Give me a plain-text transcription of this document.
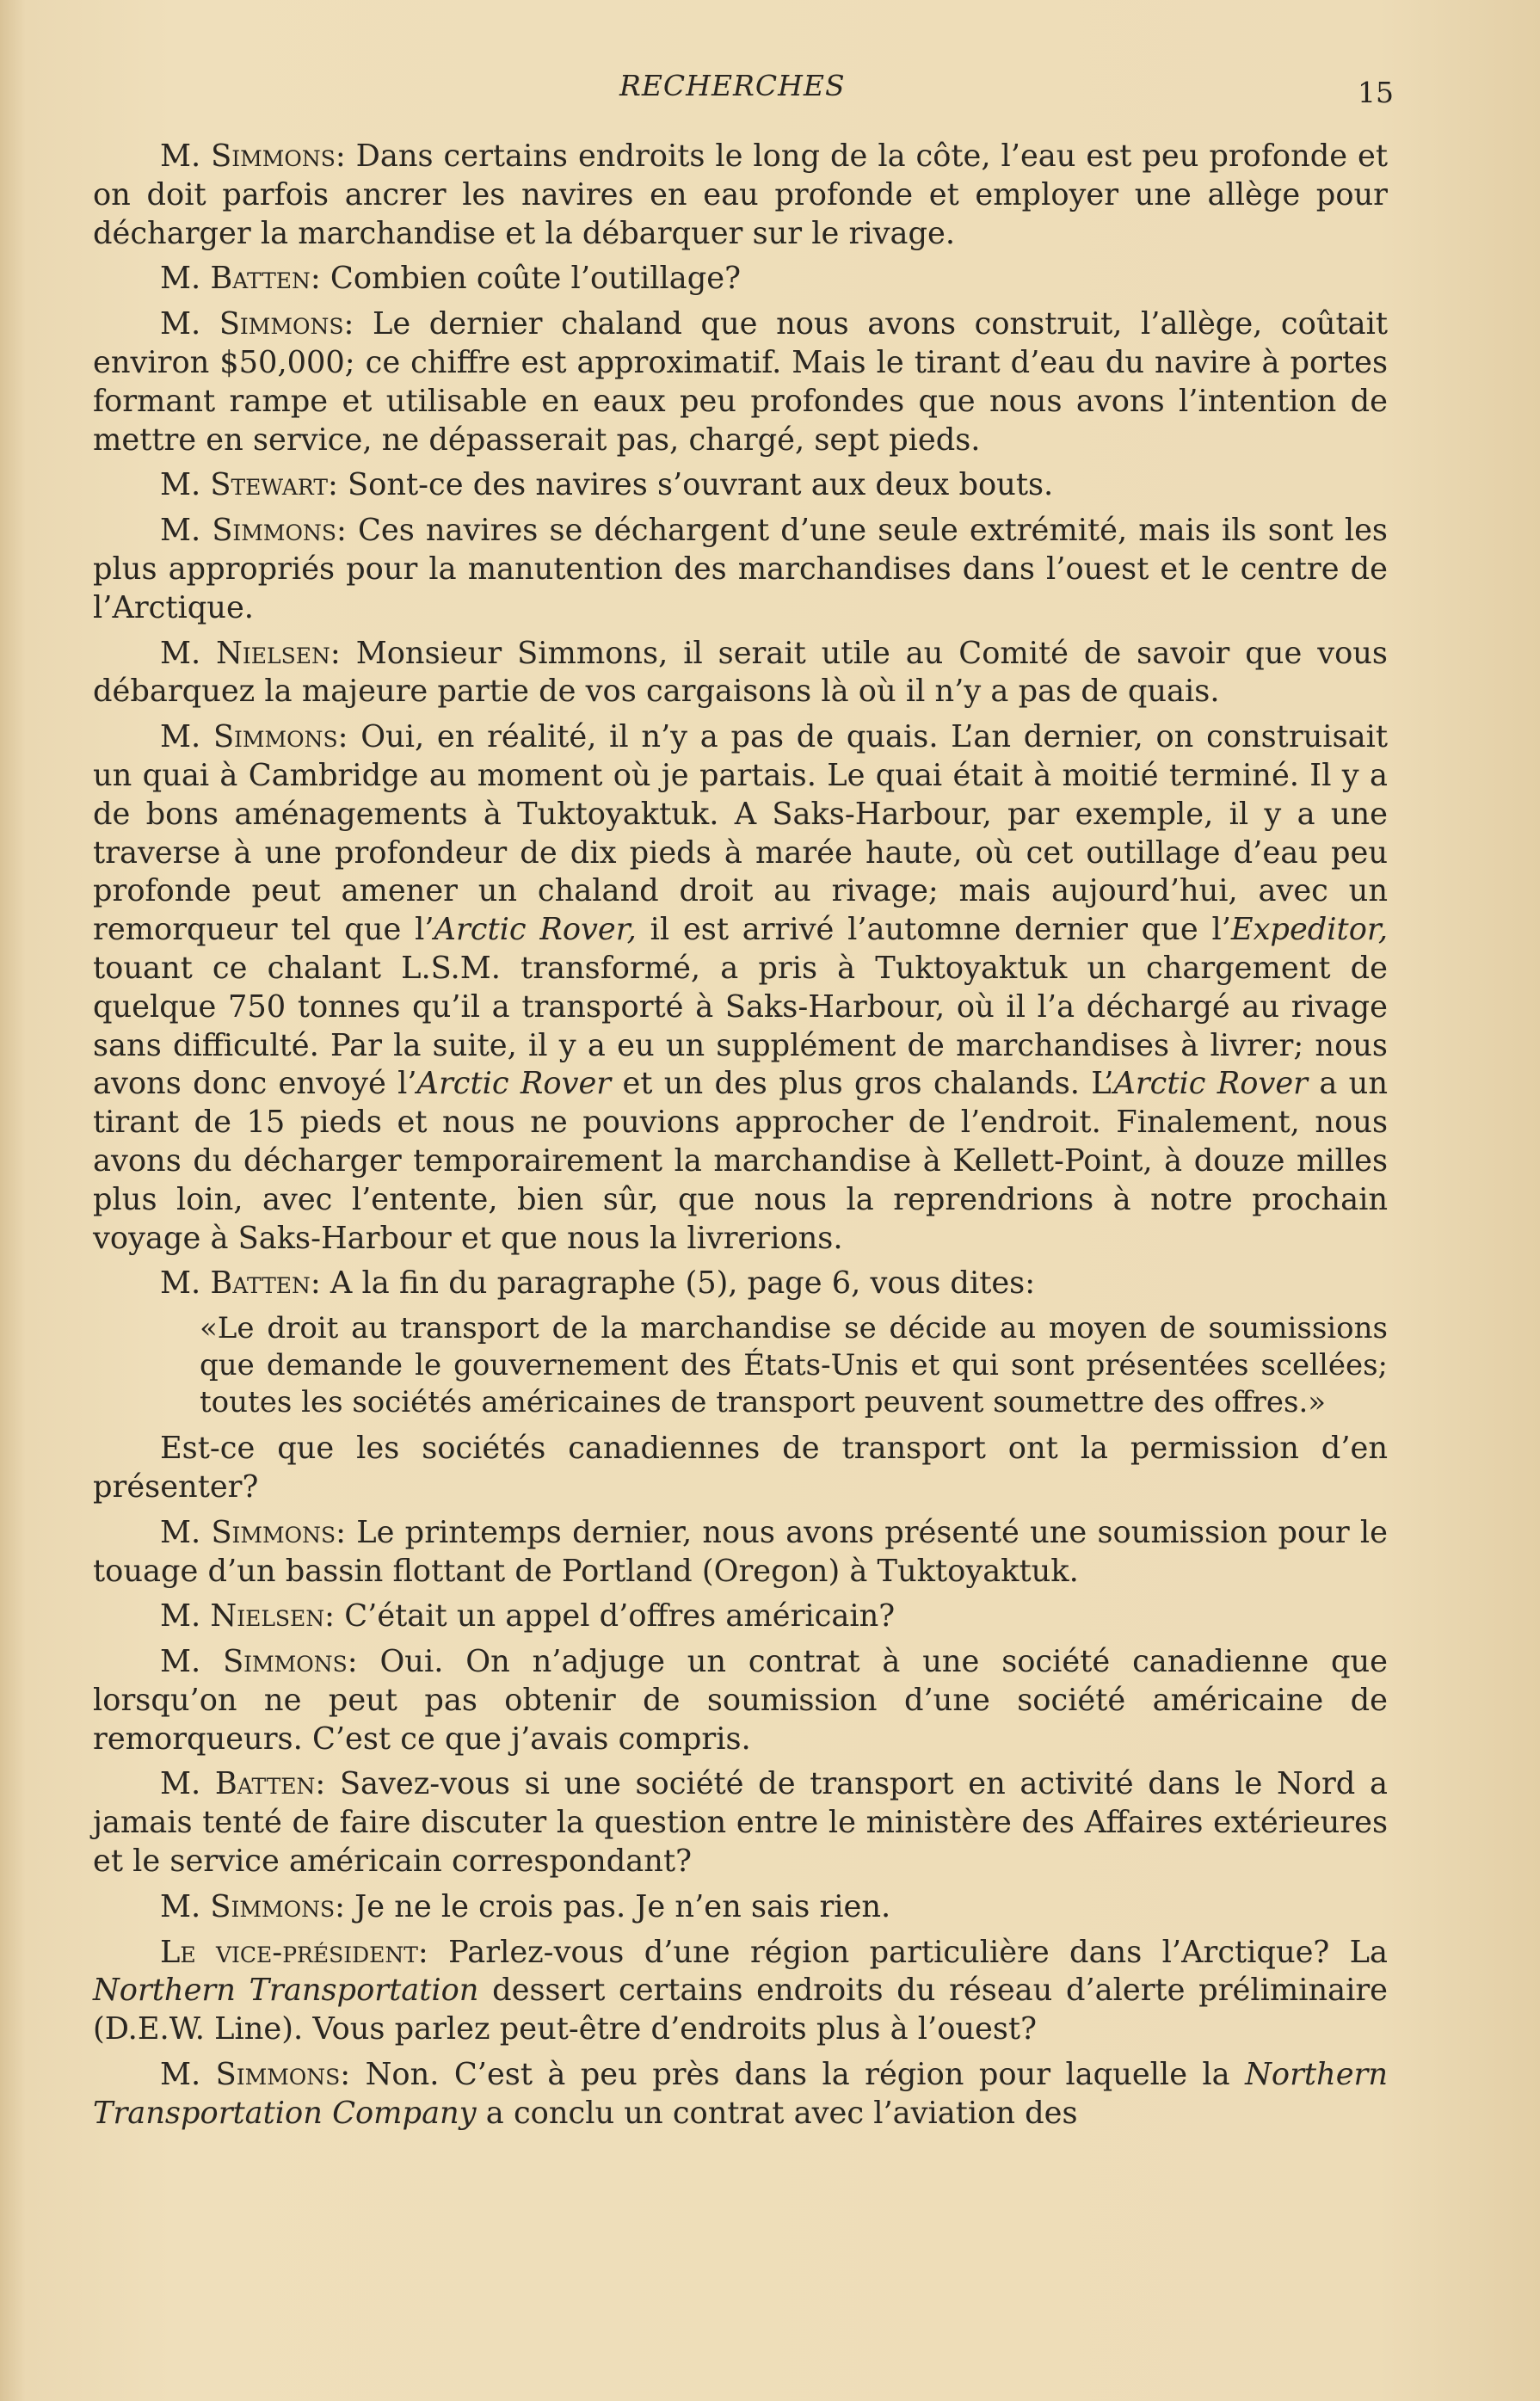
RECHERCHES	15

M. Simmons: Dans certains endroits le long de la côte, l’eau est peu profonde et on doit parfois ancrer les navires en eau profonde et employer une allège pour décharger la marchandise et la débarquer sur le rivage.

M. Batten: Combien coûte l’outillage?

M. Simmons: Le dernier chaland que nous avons construit, l’allège, coûtait environ $50,000; ce chiffre est approximatif. Mais le tirant d’eau du navire à portes formant rampe et utilisable en eaux peu profondes que nous avons l’intention de mettre en service, ne dépasserait pas, chargé, sept pieds.

M. Stewart: Sont-ce des navires s’ouvrant aux deux bouts.

M. Simmons: Ces navires se déchargent d’une seule extrémité, mais ils sont les plus appropriés pour la manutention des marchandises dans l’ouest et le centre de l’Arctique.

M. Nielsen: Monsieur Simmons, il serait utile au Comité de savoir que vous débarquez la majeure partie de vos cargaisons là où il n’y a pas de quais.

M. Simmons: Oui, en réalité, il n’y a pas de quais. L’an dernier, on construisait un quai à Cambridge au moment où je partais. Le quai était à moitié terminé. Il y a de bons aménagements à Tuktoyaktuk. A Saks-Harbour, par exemple, il y a une traverse à une profondeur de dix pieds à marée haute, où cet outillage d’eau peu profonde peut amener un chaland droit au rivage; mais aujourd’hui, avec un remorqueur tel que l’Arctic Rover, il est arrivé l’automne dernier que l’Expeditor, touant ce chalant L.S.M. transformé, a pris à Tuktoyaktuk un chargement de quelque 750 tonnes qu’il a transporté à Saks-Harbour, où il l’a déchargé au rivage sans difficulté. Par la suite, il y a eu un supplément de marchandises à livrer; nous avons donc envoyé l’Arctic Rover et un des plus gros chalands. L’Arctic Rover a un tirant de 15 pieds et nous ne pouvions approcher de l’endroit. Finalement, nous avons du décharger temporairement la marchandise à Kellett-Point, à douze milles plus loin, avec l’entente, bien sûr, que nous la reprendrions à notre prochain voyage à Saks-Harbour et que nous la livrerions.

M. Batten: A la fin du paragraphe (5), page 6, vous dites:

«Le droit au transport de la marchandise se décide au moyen de soumissions que demande le gouvernement des États-Unis et qui sont présentées scellées; toutes les sociétés américaines de transport peuvent soumettre des offres.»

Est-ce que les sociétés canadiennes de transport ont la permission d’en présenter?

M. Simmons: Le printemps dernier, nous avons présenté une soumission pour le touage d’un bassin flottant de Portland (Oregon) à Tuktoyaktuk.

M. Nielsen: C’était un appel d’offres américain?

M. Simmons: Oui. On n’adjuge un contrat à une société canadienne que lorsqu’on ne peut pas obtenir de soumission d’une société américaine de remorqueurs. C’est ce que j’avais compris.

M. Batten: Savez-vous si une société de transport en activité dans le Nord a jamais tenté de faire discuter la question entre le ministère des Affaires extérieures et le service américain correspondant?

M. Simmons: Je ne le crois pas. Je n’en sais rien.

Le vice-président: Parlez-vous d’une région particulière dans l’Arctique? La Northern Transportation dessert certains endroits du réseau d’alerte préliminaire (D.E.W. Line). Vous parlez peut-être d’endroits plus à l’ouest?

M. Simmons: Non. C’est à peu près dans la région pour laquelle la Northern Transportation Company a conclu un contrat avec l’aviation des
